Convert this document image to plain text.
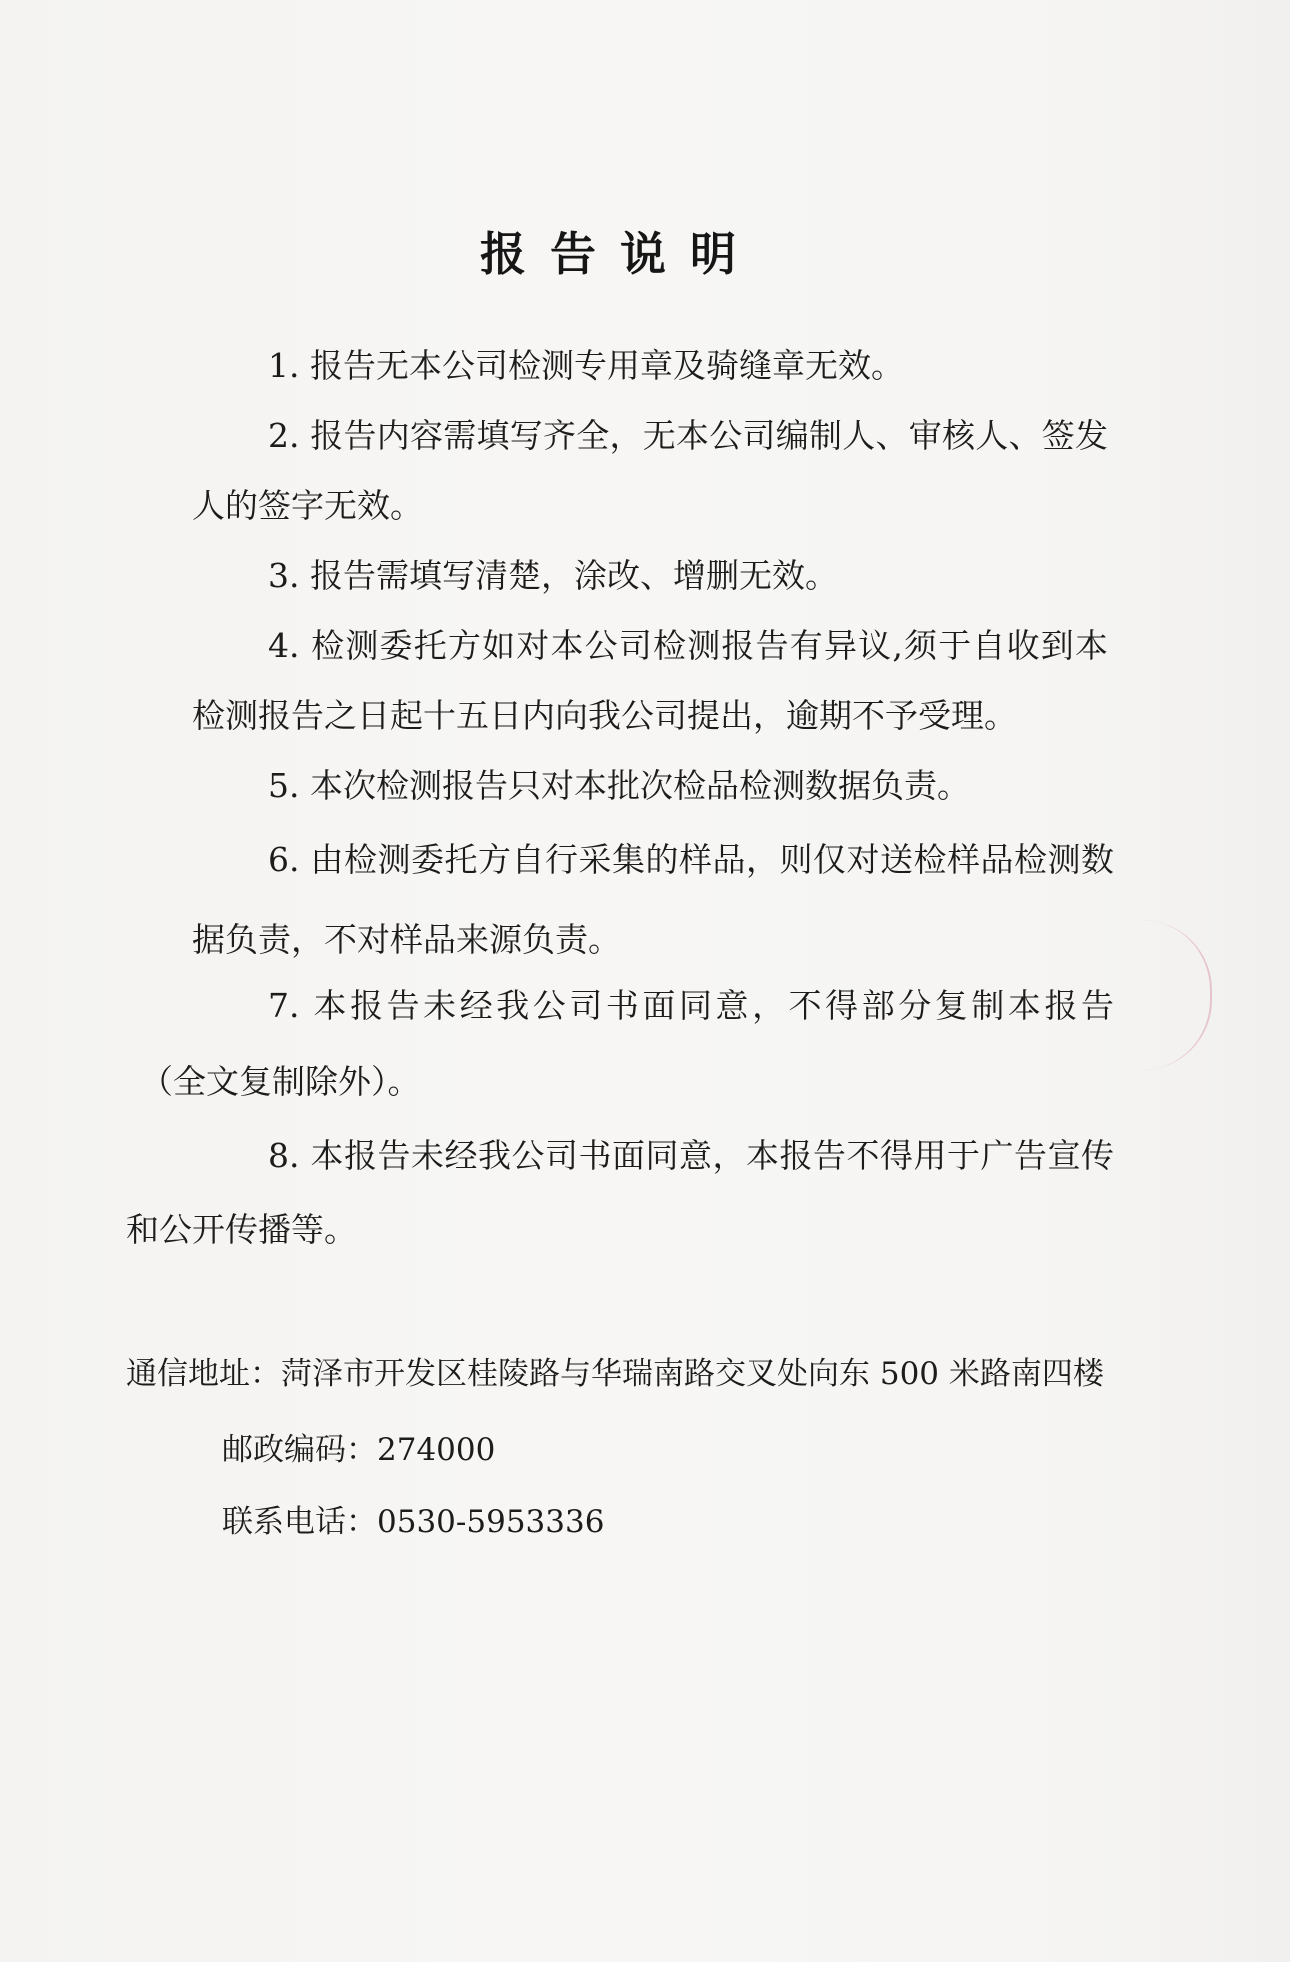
报告说明
1. 报告无本公司检测专用章及骑缝章无效。
2. 报告内容需填写齐全，无本公司编制人、审核人、签发
人的签字无效。
3. 报告需填写清楚，涂改、增删无效。
4. 检测委托方如对本公司检测报告有异议,须于自收到本
检测报告之日起十五日内向我公司提出，逾期不予受理。
5. 本次检测报告只对本批次检品检测数据负责。
6. 由检测委托方自行采集的样品，则仅对送检样品检测数
据负责，不对样品来源负责。
7. 本报告未经我公司书面同意，不得部分复制本报告
（全文复制除外）。
8. 本报告未经我公司书面同意，本报告不得用于广告宣传
和公开传播等。
通信地址：菏泽市开发区桂陵路与华瑞南路交叉处向东 500 米路南四楼
邮政编码：274000
联系电话：0530-5953336
